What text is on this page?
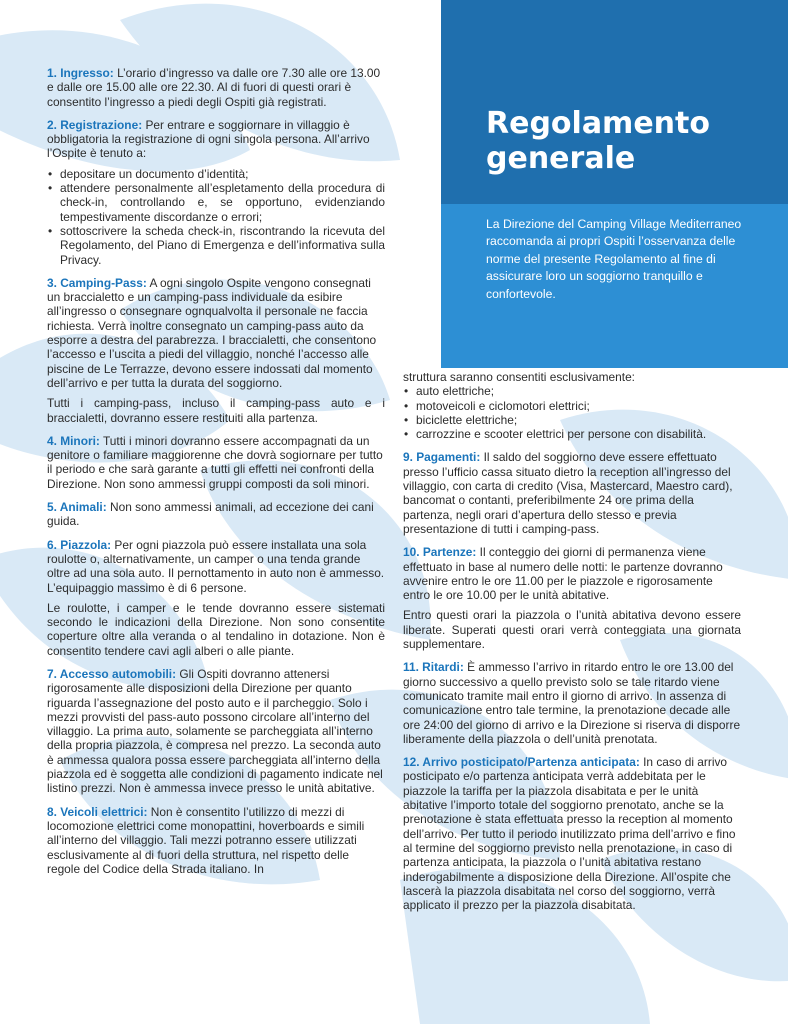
Regolamento generale

La Direzione del Camping Village Mediterraneo raccomanda ai propri Ospiti l’osservanza delle norme del presente Regolamento al fine di assicurare loro un soggiorno tranquillo e confortevole.

1. Ingresso: L’orario d’ingresso va dalle ore 7.30 alle ore 13.00 e dalle ore 15.00 alle ore 22.30. Al di fuori di questi orari è consentito l’ingresso a piedi degli Ospiti già registrati.

2. Registrazione: Per entrare e soggiornare in villaggio è obbligatoria la registrazione di ogni singola persona. All’arrivo l’Ospite è tenuto a:

• depositare un documento d’identità;
• attendere personalmente all’espletamento della procedura di check-in, controllando e, se opportuno, evidenziando tempestivamente discordanze o errori;
• sottoscrivere la scheda check-in, riscontrando la ricevuta del Regolamento, del Piano di Emergenza e dell’informativa sulla Privacy.

3. Camping-Pass: A ogni singolo Ospite vengono consegnati un braccialetto e un camping-pass individuale da esibire all’ingresso o consegnare ognqualvolta il personale ne faccia richiesta. Verrà inoltre consegnato un camping-pass auto da esporre a destra del parabrezza. I braccialetti, che consentono l’accesso e l’uscita a piedi del villaggio, nonché l’accesso alle piscine de Le Terrazze, devono essere indossati dal momento dell’arrivo e per tutta la durata del soggiorno.

Tutti i camping-pass, incluso il camping-pass auto e i braccialetti, dovranno essere restituiti alla partenza.

4. Minori: Tutti i minori dovranno essere accompagnati da un genitore o familiare maggiorenne che dovrà sogiornare per tutto il periodo e che sarà garante a tutti gli effetti nei confronti della Direzione. Non sono ammessi gruppi composti da soli minori.

5. Animali: Non sono ammessi animali, ad eccezione dei cani guida.

6. Piazzola: Per ogni piazzola può essere installata una sola roulotte o, alternativamente, un camper o una tenda grande oltre ad una sola auto. Il pernottamento in auto non è ammesso. L’equipaggio massimo è di 6 persone.

Le roulotte, i camper e le tende dovranno essere sistemati secondo le indicazioni della Direzione. Non sono consentite coperture oltre alla veranda o al tendalino in dotazione. Non è consentito tendere cavi agli alberi o alle piante.

7. Accesso automobili: Gli Ospiti dovranno attenersi rigorosamente alle disposizioni della Direzione per quanto riguarda l’assegnazione del posto auto e il parcheggio. Solo i mezzi provvisti del pass-auto possono circolare all’interno del villaggio. La prima auto, solamente se parcheggiata all’interno della propria piazzola, è compresa nel prezzo. La seconda auto è ammessa qualora possa essere parcheggiata all’interno della piazzola ed è soggetta alle condizioni di pagamento indicate nel listino prezzi. Non è ammessa invece presso le unità abitative.

8. Veicoli elettrici: Non è consentito l’utilizzo di mezzi di locomozione elettrici come monopattini, hoverboards e simili all’interno del villaggio. Tali mezzi potranno essere utilizzati esclusivamente al di fuori della struttura, nel rispetto delle regole del Codice della Strada italiano. In

struttura saranno consentiti esclusivamente:

• auto elettriche;
• motoveicoli e ciclomotori elettrici;
• biciclette elettriche;
• carrozzine e scooter elettrici per persone con disabilità.

9. Pagamenti: Il saldo del soggiorno deve essere effettuato presso l’ufficio cassa situato dietro la reception all’ingresso del villaggio, con carta di credito (Visa, Mastercard, Maestro card), bancomat o contanti, preferibilmente 24 ore prima della partenza, negli orari d’apertura dello stesso e previa presentazione di tutti i camping-pass.

10. Partenze: Il conteggio dei giorni di permanenza viene effettuato in base al numero delle notti: le partenze dovranno avvenire entro le ore 11.00 per le piazzole e rigorosamente entro le ore 10.00 per le unità abitative.

Entro questi orari la piazzola o l’unità abitativa devono essere liberate. Superati questi orari verrà conteggiata una giornata supplementare.

11. Ritardi: È ammesso l’arrivo in ritardo entro le ore 13.00 del giorno successivo a quello previsto solo se tale ritardo viene comunicato tramite mail entro il giorno di arrivo. In assenza di comunicazione entro tale termine, la prenotazione decade alle ore 24:00 del giorno di arrivo e la Direzione si riserva di disporre liberamente della piazzola o dell’unità prenotata.

12. Arrivo posticipato/Partenza anticipata: In caso di arrivo posticipato e/o partenza anticipata verrà addebitata per le piazzole la tariffa per la piazzola disabitata e per le unità abitative l’importo totale del soggiorno prenotato, anche se la prenotazione è stata effettuata presso la reception al momento dell’arrivo. Per tutto il periodo inutilizzato prima dell’arrivo e fino al termine del soggiorno previsto nella prenotazione, in caso di partenza anticipata, la piazzola o l’unità abitativa restano inderogabilmente a disposizione della Direzione. All’ospite che lascerà la piazzola disabitata nel corso del soggiorno, verrà applicato il prezzo per la piazzola disabitata.
